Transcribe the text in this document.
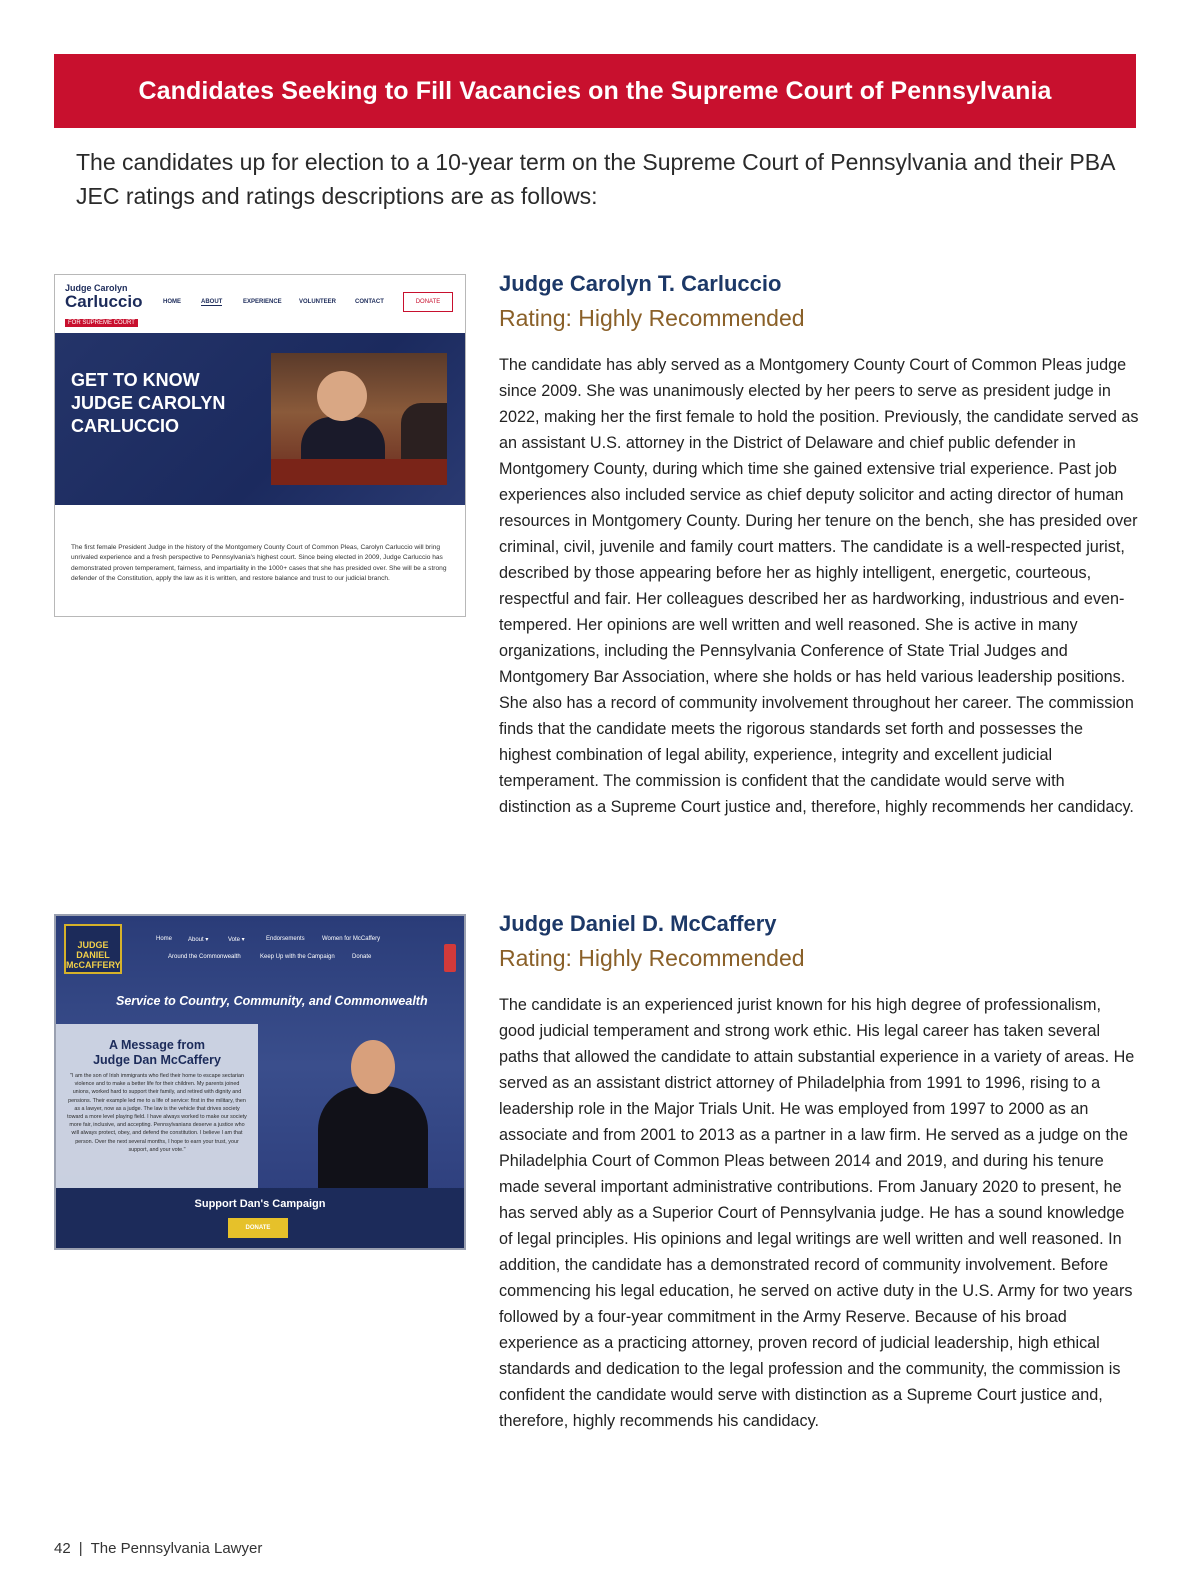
Candidates Seeking to Fill Vacancies on the Supreme Court of Pennsylvania

The candidates up for election to a 10-year term on the Supreme Court of Pennsylvania and their PBA JEC ratings and ratings descriptions are as follows:

Judge Carolyn
Carluccio
FOR SUPREME COURT
HOME	ABOUT	EXPERIENCE	VOLUNTEER	CONTACT	DONATE
GET TO KNOW
JUDGE CAROLYN
CARLUCCIO

The first female President Judge in the history of the Montgomery County Court of Common Pleas, Carolyn Carluccio will bring unrivaled experience and a fresh perspective to Pennsylvania's highest court. Since being elected in 2009, Judge Carluccio has demonstrated proven temperament, fairness, and impartiality in the 1000+ cases that she has presided over. She will be a strong defender of the Constitution, apply the law as it is written, and restore balance and trust to our judicial branch.

Judge Carolyn T. Carluccio
Rating: Highly Recommended

The candidate has ably served as a Montgomery County Court of Common Pleas judge since 2009. She was unanimously elected by her peers to serve as president judge in 2022, making her the first female to hold the position. Previously, the candidate served as an assistant U.S. attorney in the District of Delaware and chief public defender in Montgomery County, during which time she gained extensive trial experience. Past job experiences also included service as chief deputy solicitor and acting director of human resources in Montgomery County. During her tenure on the bench, she has presided over criminal, civil, juvenile and family court matters. The candidate is a well-respected jurist, described by those appearing before her as highly intelligent, energetic, courteous, respectful and fair. Her colleagues described her as hardworking, industrious and even-tempered. Her opinions are well written and well reasoned. She is active in many organizations, including the Pennsylvania Conference of State Trial Judges and Montgomery Bar Association, where she holds or has held various leadership positions. She also has a record of community involvement throughout her career. The commission finds that the candidate meets the rigorous standards set forth and possesses the highest combination of legal ability, experience, integrity and excellent judicial temperament. The commission is confident that the candidate would serve with distinction as a Supreme Court justice and, therefore, highly recommends her candidacy.

JUDGE DANIEL McCAFFERY
Home	About ▾	Vote ▾	Endorsements	Women for McCaffery
Around the Commonwealth	Keep Up with the Campaign	Donate
Service to Country, Community, and Commonwealth
A Message from
Judge Dan McCaffery

"I am the son of Irish immigrants who fled their home to escape sectarian violence and to make a better life for their children. My parents joined unions, worked hard to support their family, and retired with dignity and pensions. Their example led me to a life of service: first in the military, then as a lawyer, now as a judge. The law is the vehicle that drives society toward a more level playing field. I have always worked to make our society more fair, inclusive, and accepting. Pennsylvanians deserve a justice who will always protect, obey, and defend the constitution. I believe I am that person. Over the next several months, I hope to earn your trust, your support, and your vote."

Support Dan's Campaign
DONATE
Judge Daniel D. McCaffery
Rating: Highly Recommended

The candidate is an experienced jurist known for his high degree of professionalism, good judicial temperament and strong work ethic. His legal career has taken several paths that allowed the candidate to attain substantial experience in a variety of areas. He served as an assistant district attorney of Philadelphia from 1991 to 1996, rising to a leadership role in the Major Trials Unit. He was employed from 1997 to 2000 as an associate and from 2001 to 2013 as a partner in a law firm. He served as a judge on the Philadelphia Court of Common Pleas between 2014 and 2019, and during his tenure made several important administrative contributions. From January 2020 to present, he has served ably as a Superior Court of Pennsylvania judge. He has a sound knowledge of legal principles. His opinions and legal writings are well written and well reasoned. In addition, the candidate has a demonstrated record of community involvement. Before commencing his legal education, he served on active duty in the U.S. Army for two years followed by a four-year commitment in the Army Reserve. Because of his broad experience as a practicing attorney, proven record of judicial leadership, high ethical standards and dedication to the legal profession and the community, the commission is confident the candidate would serve with distinction as a Supreme Court justice and, therefore, highly recommends his candidacy.

42 | The Pennsylvania Lawyer
